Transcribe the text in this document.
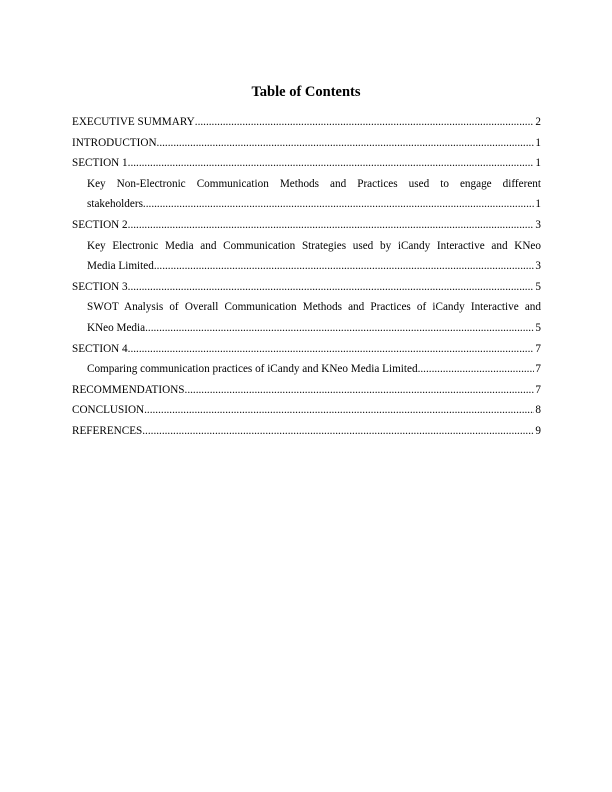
Table of Contents
EXECUTIVE SUMMARY .....	2
INTRODUCTION .....	1
SECTION 1 .....	1
Key Non-Electronic Communication Methods and Practices used to engage different
stakeholders .....	1
SECTION 2 .....	3
Key Electronic Media and Communication Strategies used by iCandy Interactive and KNeo
Media Limited .....	3
SECTION 3 .....	5
SWOT Analysis of Overall Communication Methods and Practices of iCandy Interactive and
KNeo Media .....	5
SECTION 4 .....	7
Comparing communication practices of iCandy and KNeo Media Limited .....	7
RECOMMENDATIONS .....	7
CONCLUSION .....	8
REFERENCES .....	9
